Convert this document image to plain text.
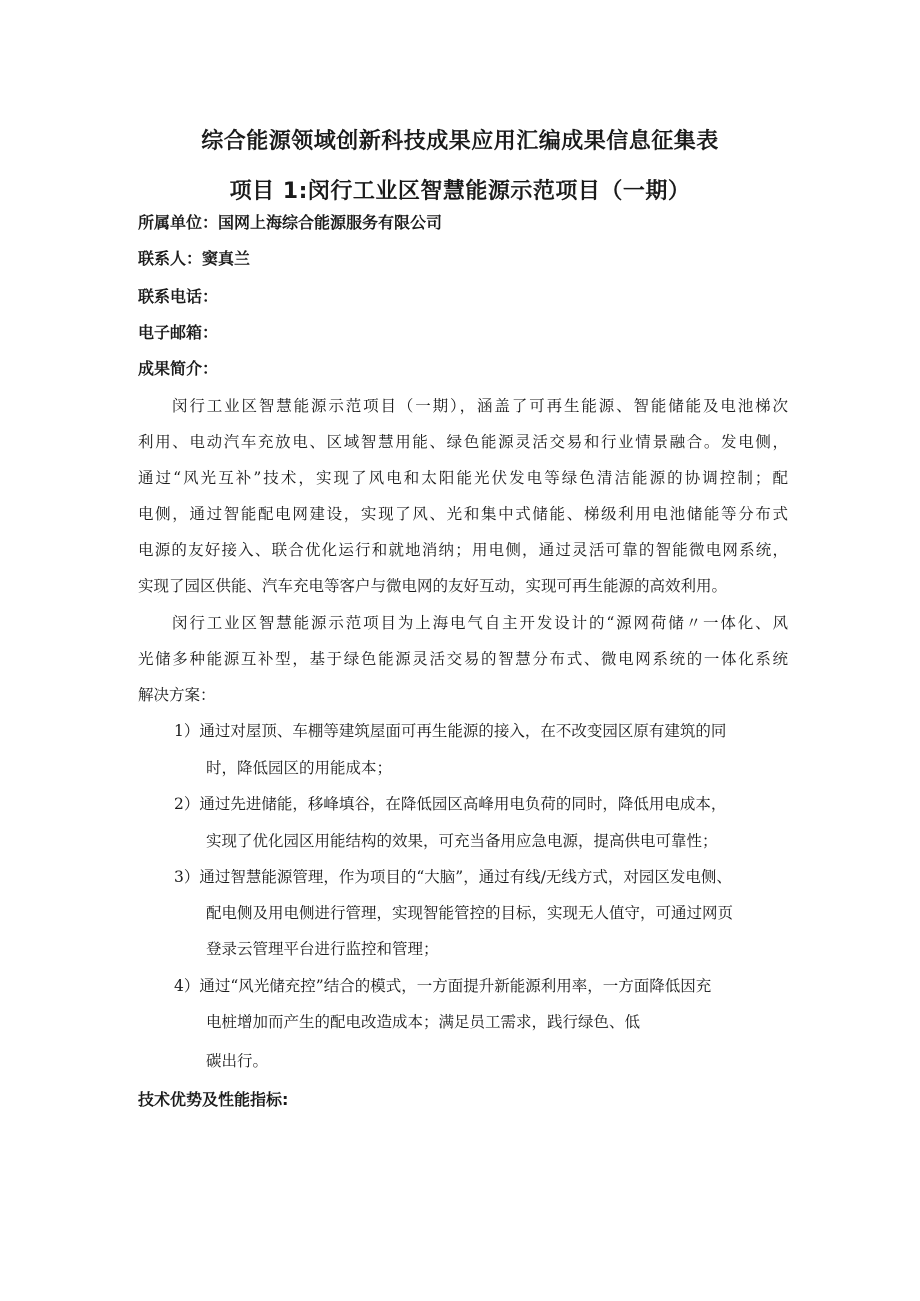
综合能源领域创新科技成果应用汇编成果信息征集表
项目 1:闵行工业区智慧能源示范项目（一期）
所属单位：国网上海综合能源服务有限公司
联系人：窦真兰
联系电话：
电子邮箱：
成果简介：
闵行工业区智慧能源示范项目（一期），涵盖了可再生能源、智能储能及电池梯次
利用、电动汽车充放电、区域智慧用能、绿色能源灵活交易和行业情景融合。发电侧，
通过“风光互补”技术，实现了风电和太阳能光伏发电等绿色清洁能源的协调控制；配
电侧，通过智能配电网建设，实现了风、光和集中式储能、梯级利用电池储能等分布式
电源的友好接入、联合优化运行和就地消纳；用电侧，通过灵活可靠的智能微电网系统，
实现了园区供能、汽车充电等客户与微电网的友好互动，实现可再生能源的高效利用。
闵行工业区智慧能源示范项目为上海电气自主开发设计的“源网荷储〃一体化、风
光储多种能源互补型，基于绿色能源灵活交易的智慧分布式、微电网系统的一体化系统
解决方案：
1）通过对屋顶、车棚等建筑屋面可再生能源的接入，在不改变园区原有建筑的同
时，降低园区的用能成本；
2）通过先进储能，移峰填谷，在降低园区高峰用电负荷的同时，降低用电成本，
实现了优化园区用能结构的效果，可充当备用应急电源，提高供电可靠性；
3）通过智慧能源管理，作为项目的“大脑”，通过有线/无线方式，对园区发电侧、
配电侧及用电侧进行管理，实现智能管控的目标，实现无人值守，可通过网页
登录云管理平台进行监控和管理；
4）通过“风光储充控”结合的模式，一方面提升新能源利用率，一方面降低因充
电桩增加而产生的配电改造成本；满足员工需求，践行绿色、低
碳出行。
技术优势及性能指标:
